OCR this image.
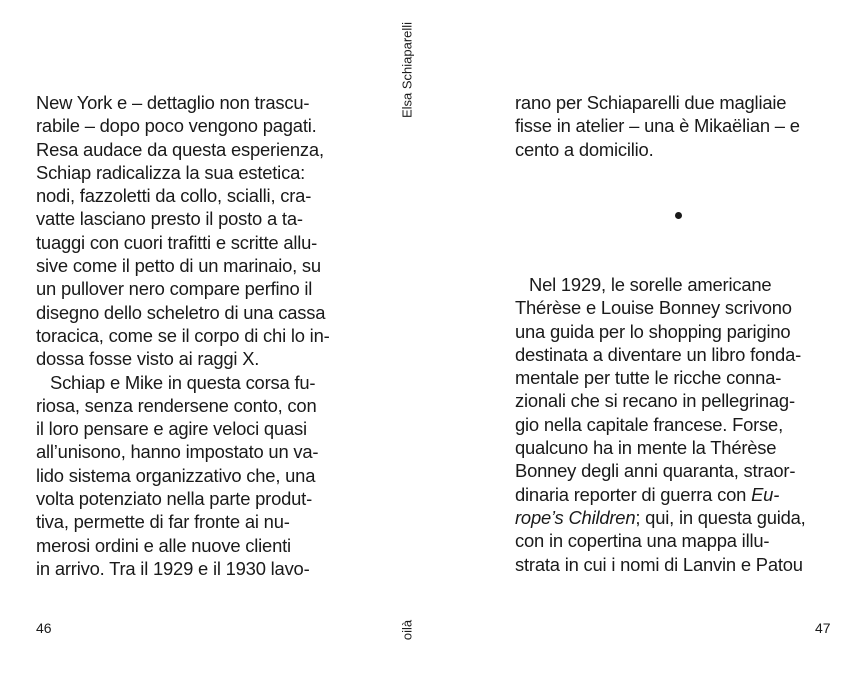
New York e – dettaglio non trascu-
rabile – dopo poco vengono pagati.
Resa audace da questa esperienza,
Schiap radicalizza la sua estetica:
nodi, fazzoletti da collo, scialli, cra-
vatte lasciano presto il posto a ta-
tuaggi con cuori trafitti e scritte allu-
sive come il petto di un marinaio, su
un pullover nero compare perfino il
disegno dello scheletro di una cassa
toracica, come se il corpo di chi lo in-
dossa fosse visto ai raggi X.
Schiap e Mike in questa corsa fu-
riosa, senza rendersene conto, con
il loro pensare e agire veloci quasi
all’unisono, hanno impostato un va-
lido sistema organizzativo che, una
volta potenziato nella parte produt-
tiva, permette di far fronte ai nu-
merosi ordini e alle nuove clienti
in arrivo. Tra il 1929 e il 1930 lavo-
46
Elsa Schiaparelli
oilà
rano per Schiaparelli due magliaie
fisse in atelier – una è Mikaëlian – e
cento a domicilio.
Nel 1929, le sorelle americane
Thérèse e Louise Bonney scrivono
una guida per lo shopping parigino
destinata a diventare un libro fonda-
mentale per tutte le ricche conna-
zionali che si recano in pellegrinag-
gio nella capitale francese. Forse,
qualcuno ha in mente la Thérèse
Bonney degli anni quaranta, straor-
dinaria reporter di guerra con Eu-
rope’s Children; qui, in questa guida,
con in copertina una mappa illu-
strata in cui i nomi di Lanvin e Patou
47
